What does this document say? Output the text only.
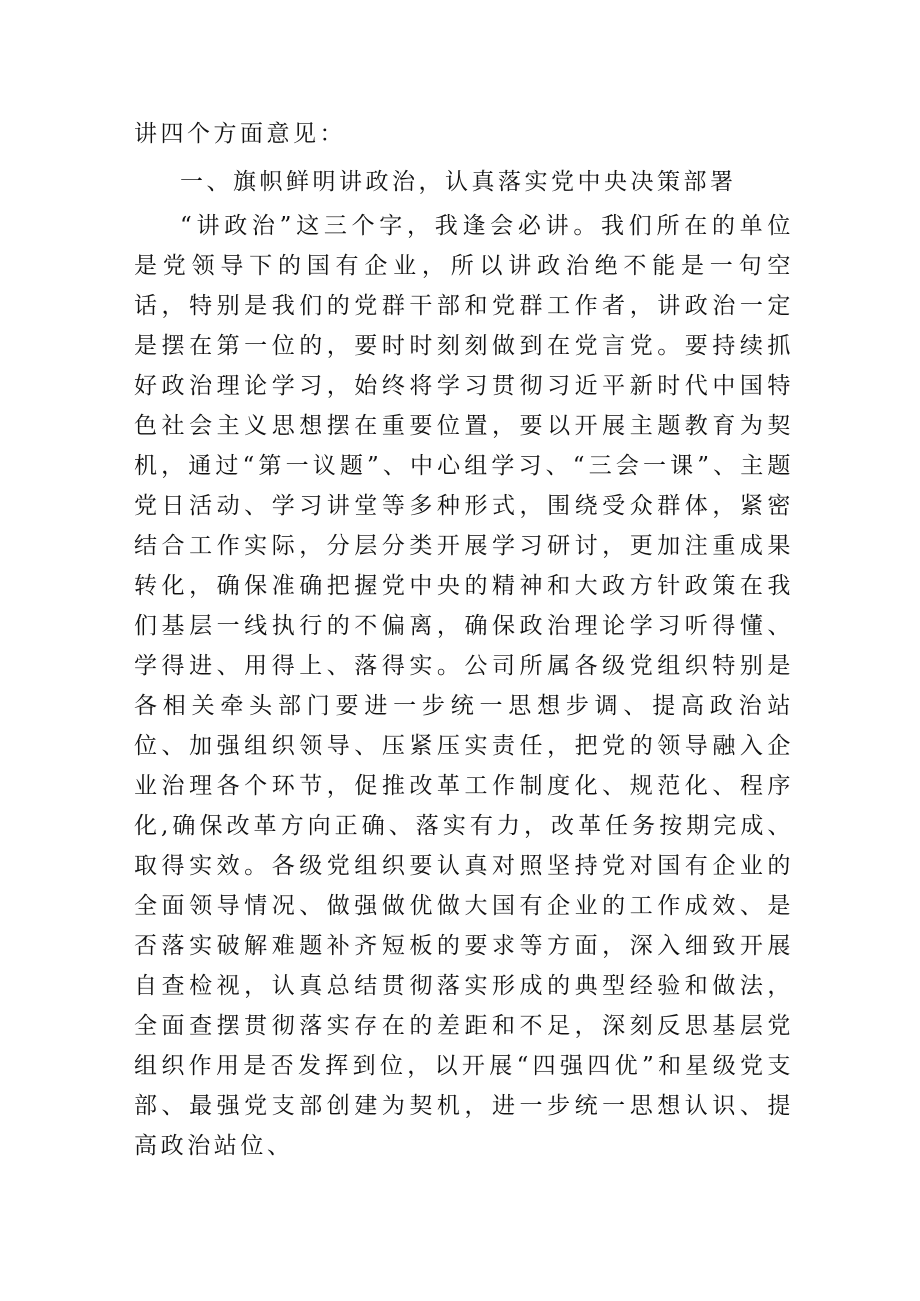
讲四个方面意见：

一、旗帜鲜明讲政治，认真落实党中央决策部署

“讲政治”这三个字，我逢会必讲。我们所在的单位是党领导下的国有企业，所以讲政治绝不能是一句空话，特别是我们的党群干部和党群工作者，讲政治一定是摆在第一位的，要时时刻刻做到在党言党。要持续抓好政治理论学习，始终将学习贯彻习近平新时代中国特色社会主义思想摆在重要位置，要以开展主题教育为契机，通过“第一议题”、中心组学习、“三会一课”、主题党日活动、学习讲堂等多种形式，围绕受众群体，紧密结合工作实际，分层分类开展学习研讨，更加注重成果转化，确保准确把握党中央的精神和大政方针政策在我们基层一线执行的不偏离，确保政治理论学习听得懂、学得进、用得上、落得实。公司所属各级党组织特别是各相关牵头部门要进一步统一思想步调、提高政治站位、加强组织领导、压紧压实责任，把党的领导融入企业治理各个环节，促推改革工作制度化、规范化、程序化,确保改革方向正确、落实有力，改革任务按期完成、取得实效。各级党组织要认真对照坚持党对国有企业的全面领导情况、做强做优做大国有企业的工作成效、是否落实破解难题补齐短板的要求等方面，深入细致开展自查检视，认真总结贯彻落实形成的典型经验和做法，全面查摆贯彻落实存在的差距和不足，深刻反思基层党组织作用是否发挥到位，以开展“四强四优”和星级党支部、最强党支部创建为契机，进一步统一思想认识、提高政治站位、
